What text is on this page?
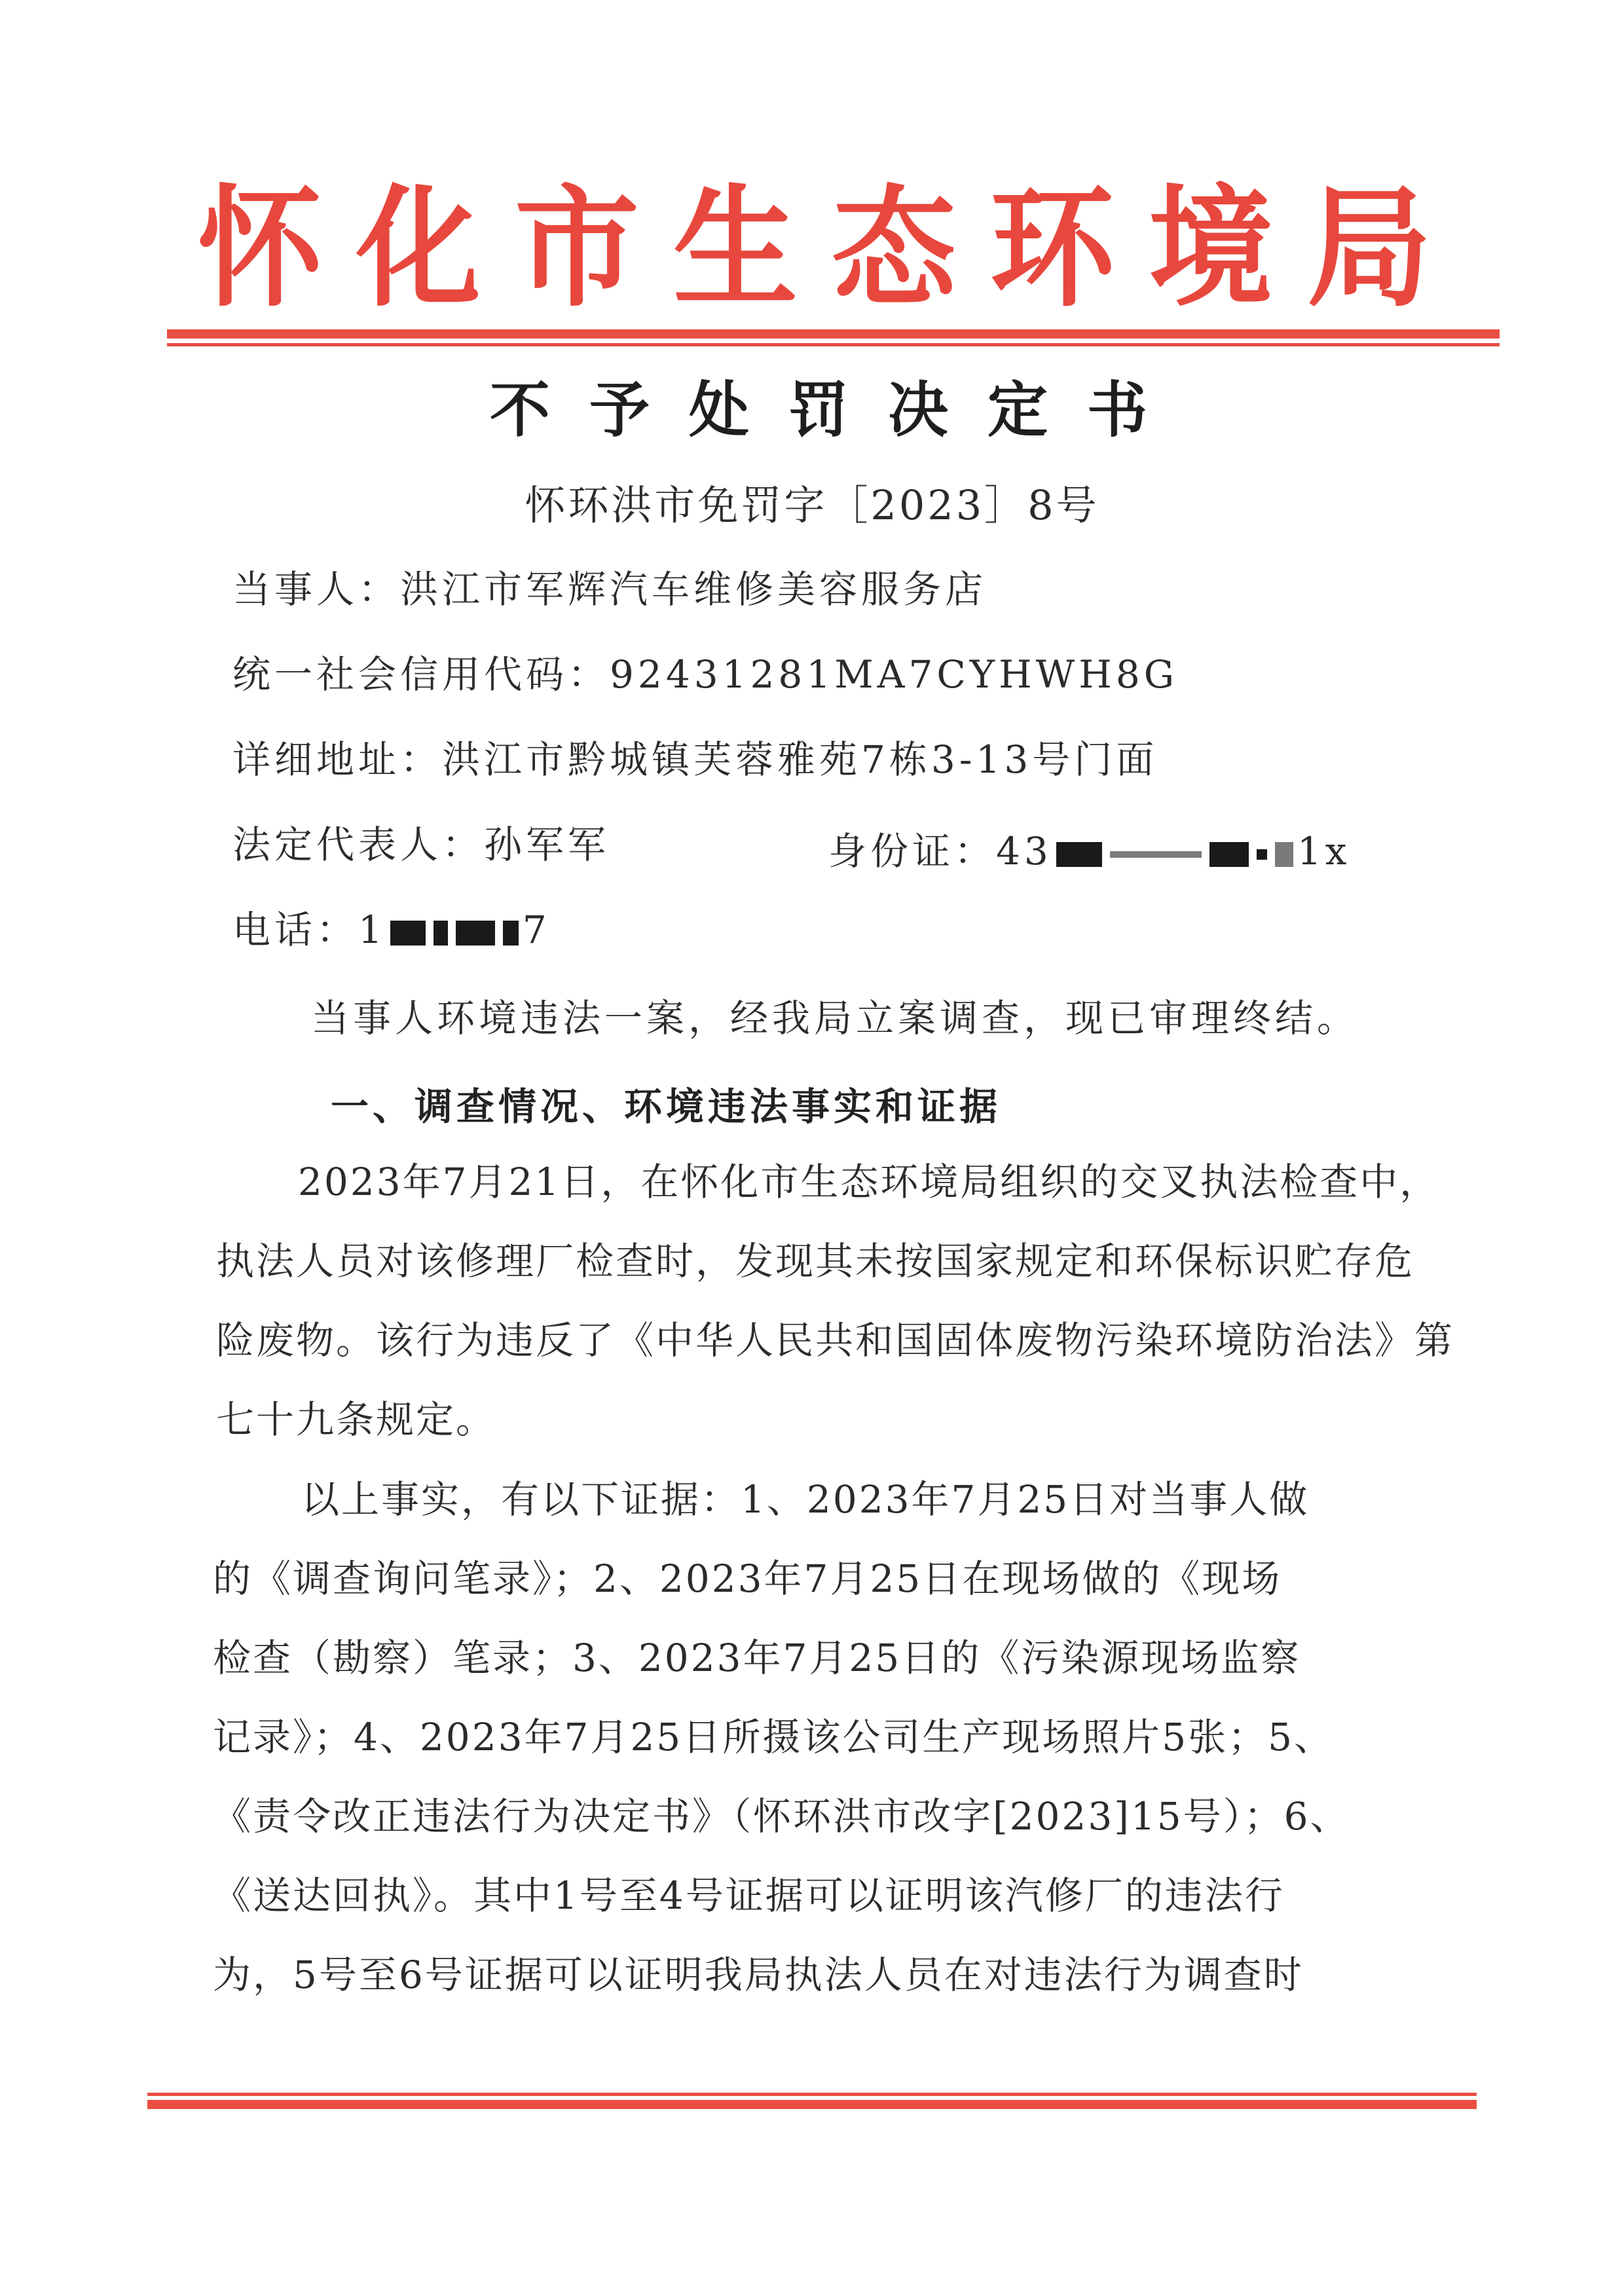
怀化市生态环境局
不予处罚决定书
怀环洪市免罚字［2023］8号
当事人：洪江市军辉汽车维修美容服务店
统一社会信用代码：92431281MA7CYHWH8G
详细地址：洪江市黔城镇芙蓉雅苑7栋3-13号门面
法定代表人：孙军军	身份证：43	1x
电话：1	7
当事人环境违法一案，经我局立案调查，现已审理终结。
一、调查情况、环境违法事实和证据
2023年7月21日，在怀化市生态环境局组织的交叉执法检查中，
执法人员对该修理厂检查时，发现其未按国家规定和环保标识贮存危
险废物。该行为违反了《中华人民共和国固体废物污染环境防治法》第
七十九条规定。
以上事实，有以下证据：1、2023年7月25日对当事人做
的《调查询问笔录》；2、2023年7月25日在现场做的《现场
检查（勘察）笔录；3、2023年7月25日的《污染源现场监察
记录》；4、2023年7月25日所摄该公司生产现场照片5张；5、
《责令改正违法行为决定书》（怀环洪市改字[2023]15号）；6、
《送达回执》。其中1号至4号证据可以证明该汽修厂的违法行
为，5号至6号证据可以证明我局执法人员在对违法行为调查时
